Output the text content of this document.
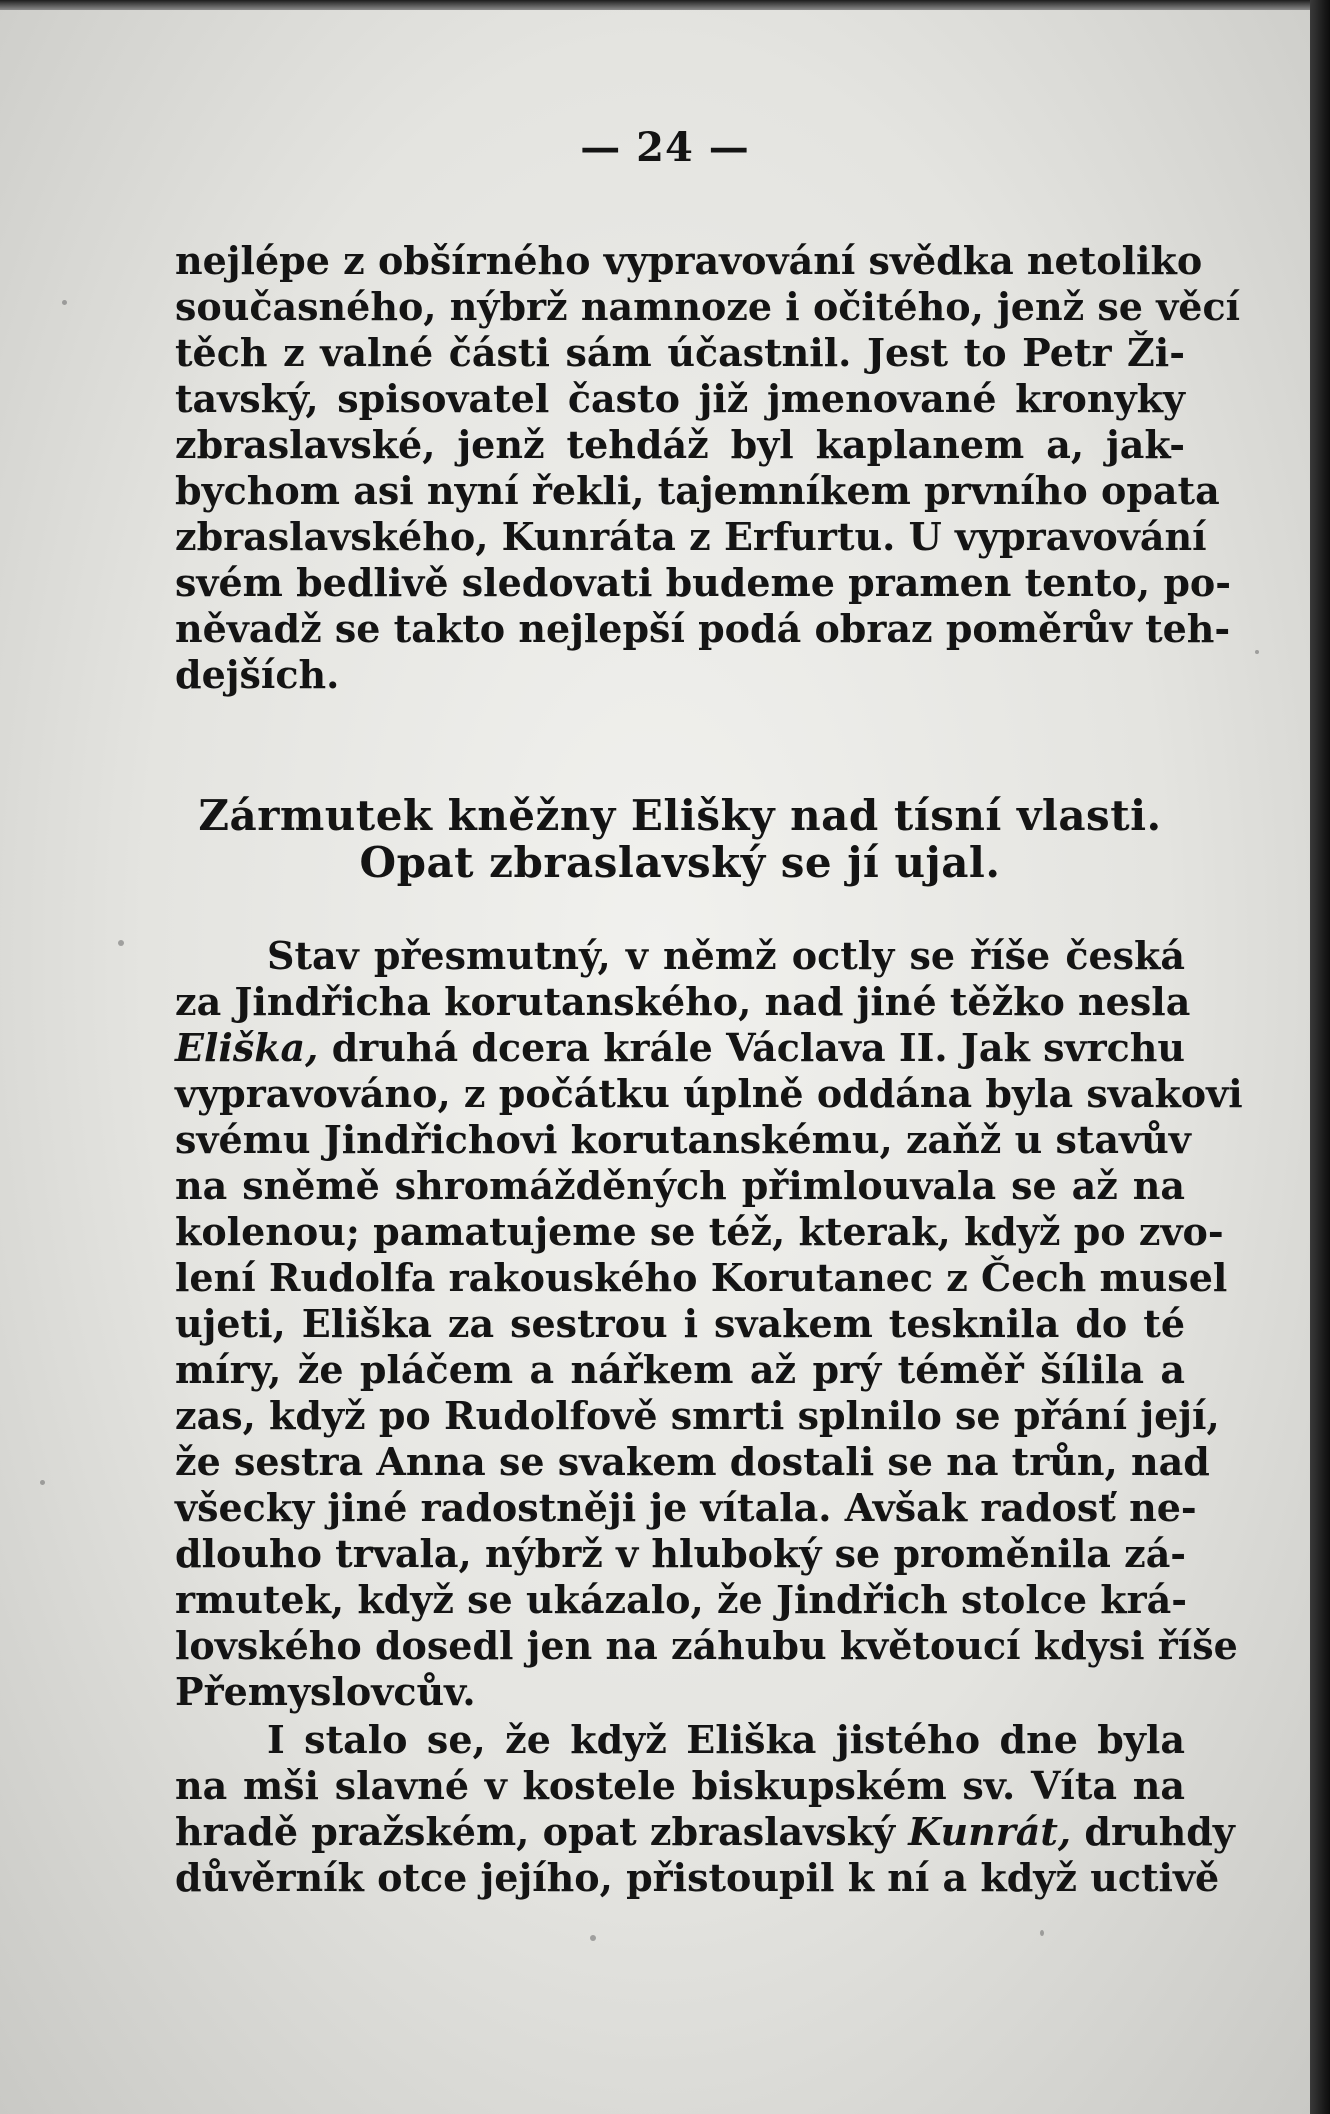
— 24 —
nejlépe z obšírného vypravování svědka netoliko
současného, nýbrž namnoze i očitého, jenž se věcí
těch z valné části sám účastnil. Jest to Petr Ži-
tavský, spisovatel často již jmenované kronyky
zbraslavské, jenž tehdáž byl kaplanem a, jak-
bychom asi nyní řekli, tajemníkem prvního opata
zbraslavského, Kunráta z Erfurtu. U vypravování
svém bedlivě sledovati budeme pramen tento, po-
něvadž se takto nejlepší podá obraz poměrův teh-
dejších.
Zármutek kněžny Elišky nad tísní vlasti.
Opat zbraslavský se jí ujal.
Stav přesmutný, v němž octly se říše česká
za Jindřicha korutanského, nad jiné těžko nesla
Eliška, druhá dcera krále Václava II. Jak svrchu
vypravováno, z počátku úplně oddána byla svakovi
svému Jindřichovi korutanskému, zaňž u stavův
na sněmě shromážděných přimlouvala se až na
kolenou; pamatujeme se též, kterak, když po zvo-
lení Rudolfa rakouského Korutanec z Čech musel
ujeti, Eliška za sestrou i svakem tesknila do té
míry, že pláčem a nářkem až prý téměř šílila a
zas, když po Rudolfově smrti splnilo se přání její,
že sestra Anna se svakem dostali se na trůn, nad
všecky jiné radostněji je vítala. Avšak radosť ne-
dlouho trvala, nýbrž v hluboký se proměnila zá-
rmutek, když se ukázalo, že Jindřich stolce krá-
lovského dosedl jen na záhubu květoucí kdysi říše
Přemyslovcův.
I stalo se, že když Eliška jistého dne byla
na mši slavné v kostele biskupském sv. Víta na
hradě pražském, opat zbraslavský Kunrát, druhdy
důvěrník otce jejího, přistoupil k ní a když uctivě
